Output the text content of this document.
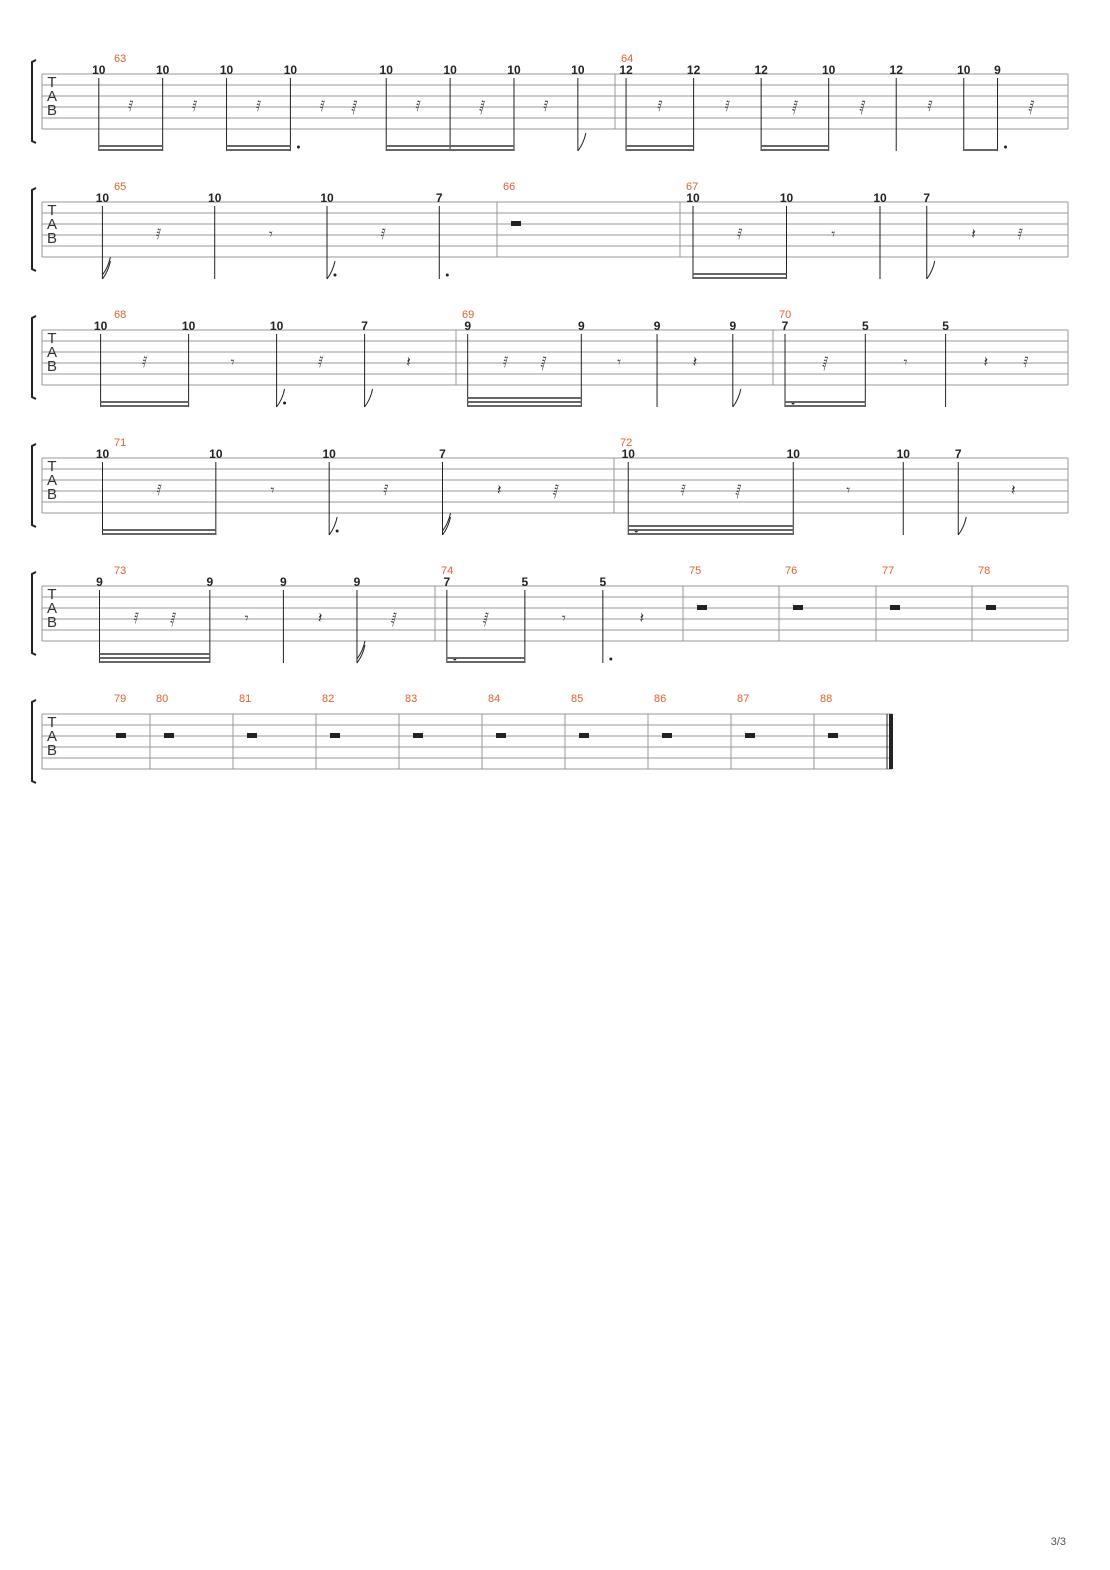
T
A
B
63
10
𝅀
10
𝅀
10
𝅀
10
𝅀 𝅁
10
𝅀
10
𝅁
10
𝅀
10
64
12
𝅀
12
𝅀
12
𝅁
10
𝅁
12
𝅀
10 9
𝅁
T
A
B
65
10
𝅀
10
𝄾
10
𝅀
7
66	67
10
𝅀
10
𝄾
10	7
𝄽	𝅀
T
A
B
68
10
𝅀
10
𝄾
10
𝅀
7
𝄽
69
9
𝅀 𝅁
9
𝄾
9
𝄽
9
70
7
𝅁
5
𝄾
5
𝄽 𝅀
T
A
B
71
10
𝅀
10
𝄾
10
𝅀
7
𝄽	𝅁
72
10
𝅀	𝅁
10
𝄾
10	7
𝄽
T
A
B
73
9
𝅀 𝅁
9
𝄾
9
𝄽
9
𝅁
74
7
𝅁
5
𝄾
5
𝄽
75	76	77	78
T
A
B
79	80	81	82	83	84	85	86	87	88
3/3
